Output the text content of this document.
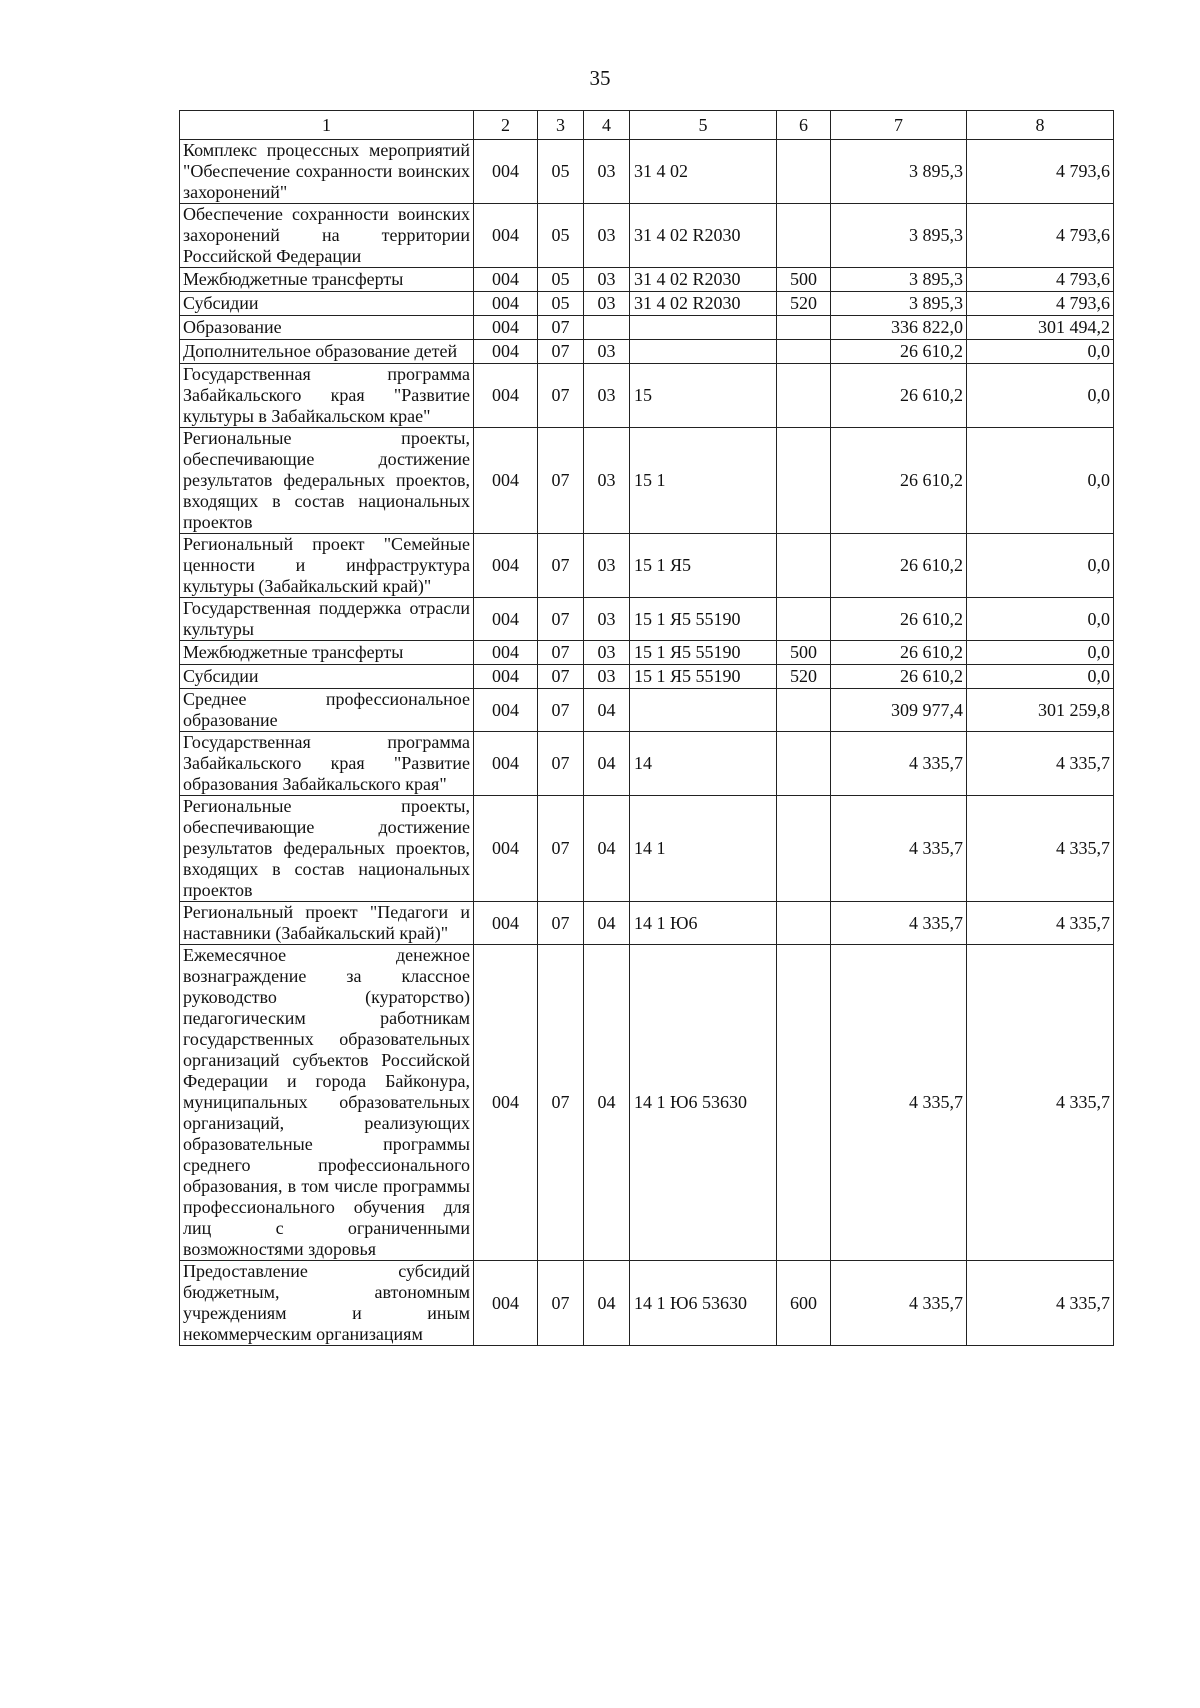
35
1	2	3	4	5	6	7	8
Комплекс процессных мероприятий "Обеспечение сохранности воинских захоронений"	004	05	03	31 4 02		3 895,3	4 793,6
Обеспечение сохранности воинских захоронений на территории Российской Федерации	004	05	03	31 4 02 R2030		3 895,3	4 793,6
Межбюджетные трансферты	004	05	03	31 4 02 R2030	500	3 895,3	4 793,6
Субсидии	004	05	03	31 4 02 R2030	520	3 895,3	4 793,6
Образование	004	07				336 822,0	301 494,2
Дополнительное образование детей	004	07	03			26 610,2	0,0
Государственная программа Забайкальского края "Развитие культуры в Забайкальском крае"	004	07	03	15		26 610,2	0,0
Региональные проекты, обеспечивающие достижение результатов федеральных проектов, входящих в состав национальных проектов	004	07	03	15 1		26 610,2	0,0
Региональный проект "Семейные ценности и инфраструктура культуры (Забайкальский край)"	004	07	03	15 1 Я5		26 610,2	0,0
Государственная поддержка отрасли культуры	004	07	03	15 1 Я5 55190		26 610,2	0,0
Межбюджетные трансферты	004	07	03	15 1 Я5 55190	500	26 610,2	0,0
Субсидии	004	07	03	15 1 Я5 55190	520	26 610,2	0,0
Среднее профессиональное образование	004	07	04			309 977,4	301 259,8
Государственная программа Забайкальского края "Развитие образования Забайкальского края"	004	07	04	14		4 335,7	4 335,7
Региональные проекты, обеспечивающие достижение результатов федеральных проектов, входящих в состав национальных проектов	004	07	04	14 1		4 335,7	4 335,7
Региональный проект "Педагоги и наставники (Забайкальский край)"	004	07	04	14 1 Ю6		4 335,7	4 335,7
Ежемесячное денежное вознаграждение за классное руководство (кураторство) педагогическим работникам государственных образовательных организаций субъектов Российской Федерации и города Байконура, муниципальных образовательных организаций, реализующих образовательные программы среднего профессионального образования, в том числе программы профессионального обучения для лиц с ограниченными возможностями здоровья	004	07	04	14 1 Ю6 53630		4 335,7	4 335,7
Предоставление субсидий бюджетным, автономным учреждениям и иным некоммерческим организациям	004	07	04	14 1 Ю6 53630	600	4 335,7	4 335,7
